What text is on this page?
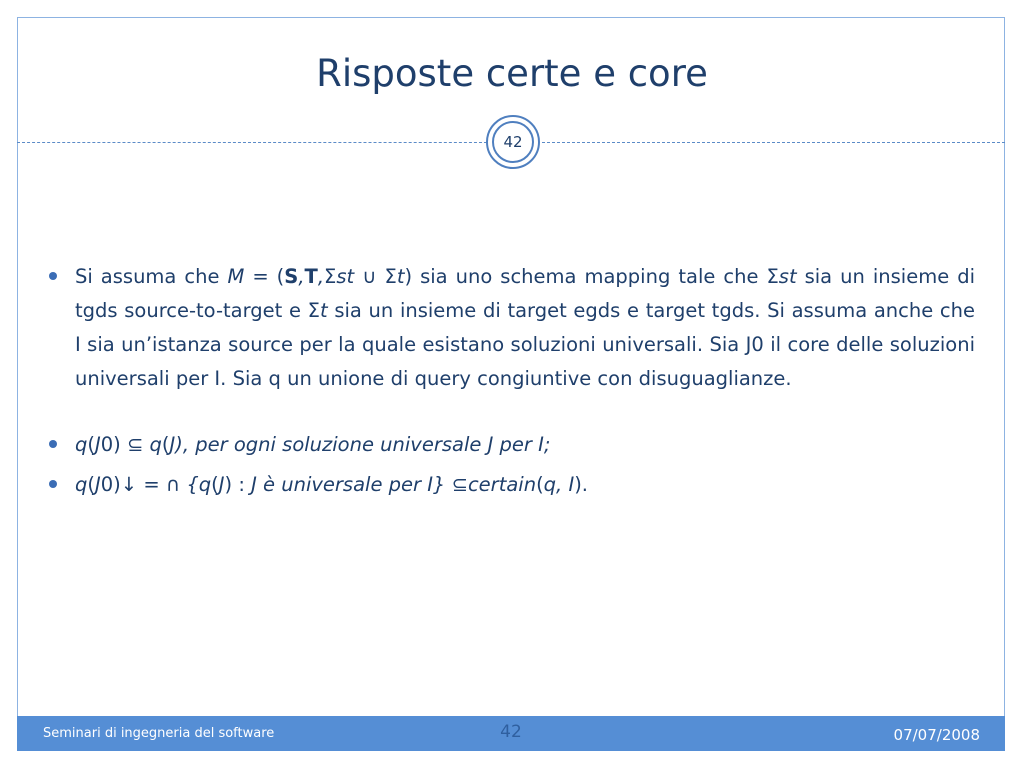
Risposte certe e core
42
Si assuma che M = (S,T,Σst ∪ Σt) sia uno schema mapping tale che Σst sia un insieme di tgds source-to-target e Σt sia un insieme di target egds e target tgds. Si assuma anche che I sia un’istanza source per la quale esistano soluzioni universali. Sia J0 il core delle soluzioni universali per I. Sia q un unione di query congiuntive con disuguaglianze.
q(J0) ⊆ q(J), per ogni soluzione universale J per I;
q(J0)↓ = ∩ {q(J) : J è universale per I} ⊆certain(q, I).
Seminari di ingegneria del software	42	07/07/2008
